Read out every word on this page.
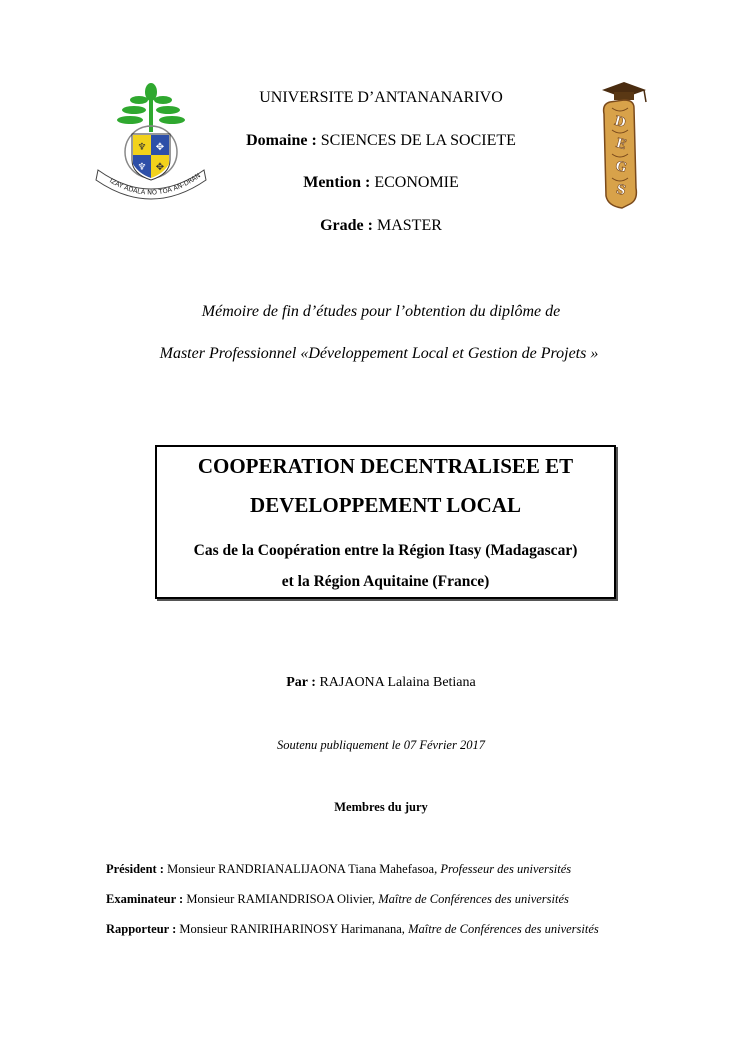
♆ ✥
♆ ✥
IZAY ADALA NO TOA AN-DRAN
D
E
G
S
UNIVERSITE D’ANTANANARIVO
Domaine : SCIENCES DE LA SOCIETE
Mention : ECONOMIE
Grade : MASTER
Mémoire de fin d’études pour l’obtention du diplôme de
Master Professionnel «Développement Local et Gestion de Projets »
COOPERATION DECENTRALISEE ET
DEVELOPPEMENT LOCAL
Cas de la Coopération entre la Région Itasy (Madagascar)
et la Région Aquitaine (France)
Par : RAJAONA Lalaina Betiana
Soutenu publiquement le 07 Février 2017
Membres du jury
Président : Monsieur RANDRIANALIJAONA Tiana Mahefasoa, Professeur des universités
Examinateur : Monsieur RAMIANDRISOA Olivier, Maître de Conférences des universités
Rapporteur : Monsieur RANIRIHARINOSY Harimanana, Maître de Conférences des universités
